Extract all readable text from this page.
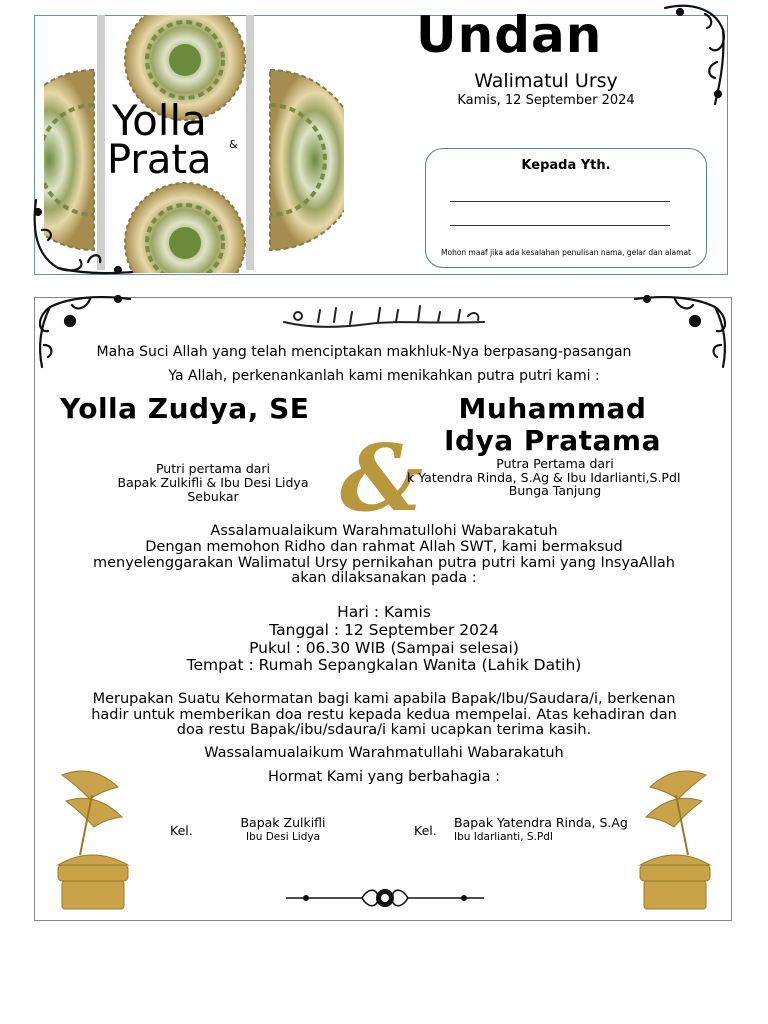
Yolla
Prata &
Undan
Walimatul Ursy
Kamis, 12 September 2024
Kepada Yth.
Mohon maaf jika ada kesalahan penulisan nama, gelar dan alamat
Maha Suci Allah yang telah menciptakan makhluk-Nya berpasang-pasangan
Ya Allah, perkenankanlah kami menikahkan putra putri kami :
Yolla Zudya, SE	Muhammad
Idya Pratama
Putri pertama dari
Bapak Zulkifli & Ibu Desi Lidya
Sebukar	&	Putra Pertama dari
k Yatendra Rinda, S.Ag & Ibu Idarlianti,S.PdI
Bunga Tanjung
Assalamualaikum Warahmatullohi Wabarakatuh
Dengan memohon Ridho dan rahmat Allah SWT, kami bermaksud
menyelenggarakan Walimatul Ursy pernikahan putra putri kami yang InsyaAllah
akan dilaksanakan pada :
Hari : Kamis
Tanggal : 12 September 2024
Pukul : 06.30 WIB (Sampai selesai)
Tempat : Rumah Sepangkalan Wanita (Lahik Datih)
Merupakan Suatu Kehormatan bagi kami apabila Bapak/Ibu/Saudara/i, berkenan
hadir untuk memberikan doa restu kepada kedua mempelai. Atas kehadiran dan
doa restu Bapak/ibu/sdaura/i kami ucapkan terima kasih.
Wassalamualaikum Warahmatullahi Wabarakatuh
Hormat Kami yang berbahagia :
Kel.
Bapak Zulkifli
Ibu Desi Lidya	Kel.
Bapak Yatendra Rinda, S.Ag
Ibu Idarlianti, S.PdI
